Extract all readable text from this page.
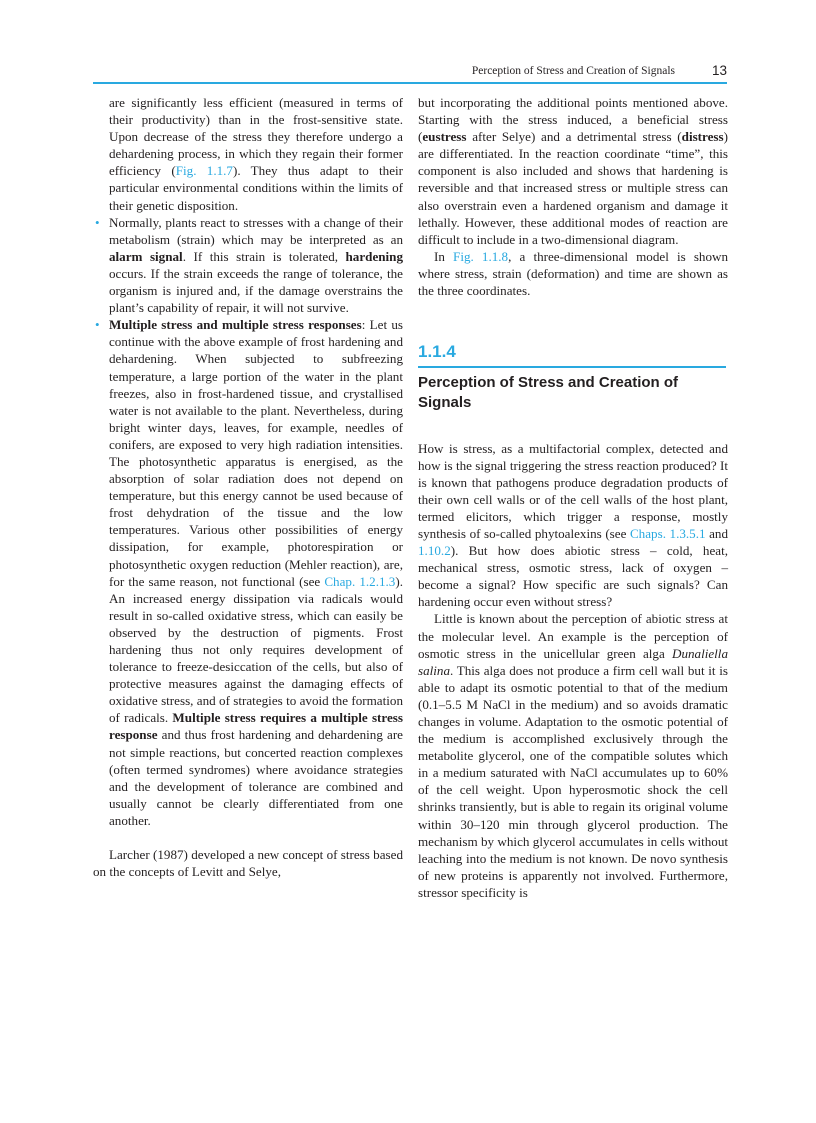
Perception of Stress and Creation of Signals	13

are significantly less efficient (measured in terms of their productivity) than in the frost-sensitive state. Upon decrease of the stress they therefore undergo a dehardening process, in which they regain their former efficiency (Fig. 1.1.7). They thus adapt to their particular environmental conditions within the limits of their genetic disposition.

• Normally, plants react to stresses with a change of their metabolism (strain) which may be interpreted as an alarm signal. If this strain is tolerated, hardening occurs. If the strain exceeds the range of tolerance, the organism is injured and, if the damage overstrains the plant’s capability of repair, it will not survive.
• Multiple stress and multiple stress responses: Let us continue with the above example of frost hardening and dehardening. When subjected to subfreezing temperature, a large portion of the water in the plant freezes, also in frost-hardened tissue, and crystallised water is not available to the plant. Nevertheless, during bright winter days, leaves, for example, needles of conifers, are exposed to very high radiation intensities. The photosynthetic apparatus is energised, as the absorption of solar radiation does not depend on temperature, but this energy cannot be used because of frost dehydration of the tissue and the low temperatures. Various other possibilities of energy dissipation, for example, photorespiration or photosynthetic oxygen reduction (Mehler reaction), are, for the same reason, not functional (see Chap. 1.2.1.3). An increased energy dissipation via radicals would result in so-called oxidative stress, which can easily be observed by the destruction of pigments. Frost hardening thus not only requires development of tolerance to freeze-desiccation of the cells, but also of protective measures against the damaging effects of oxidative stress, and of strategies to avoid the formation of radicals. Multiple stress requires a multiple stress response and thus frost hardening and dehardening are not simple reactions, but concerted reaction complexes (often termed syndromes) where avoidance strategies and the development of tolerance are combined and usually cannot be clearly differentiated from one another.

Larcher (1987) developed a new concept of stress based on the concepts of Levitt and Selye,

but incorporating the additional points mentioned above. Starting with the stress induced, a beneficial stress (eustress after Selye) and a detrimental stress (distress) are differentiated. In the reaction coordinate “time”, this component is also included and shows that hardening is reversible and that increased stress or multiple stress can also overstrain even a hardened organism and damage it lethally. However, these additional modes of reaction are difficult to include in a two-dimensional diagram.

In Fig. 1.1.8, a three-dimensional model is shown where stress, strain (deformation) and time are shown as the three coordinates.

1.1.4
Perception of Stress and Creation of Signals

How is stress, as a multifactorial complex, detected and how is the signal triggering the stress reaction produced? It is known that pathogens produce degradation products of their own cell walls or of the cell walls of the host plant, termed elicitors, which trigger a response, mostly synthesis of so-called phytoalexins (see Chaps. 1.3.5.1 and 1.10.2). But how does abiotic stress – cold, heat, mechanical stress, osmotic stress, lack of oxygen – become a signal? How specific are such signals? Can hardening occur even without stress?

Little is known about the perception of abiotic stress at the molecular level. An example is the perception of osmotic stress in the unicellular green alga Dunaliella salina. This alga does not produce a firm cell wall but it is able to adapt its osmotic potential to that of the medium (0.1–5.5 M NaCl in the medium) and so avoids dramatic changes in volume. Adaptation to the osmotic potential of the medium is accomplished exclusively through the metabolite glycerol, one of the compatible solutes which in a medium saturated with NaCl accumulates up to 60% of the cell weight. Upon hyperosmotic shock the cell shrinks transiently, but is able to regain its original volume within 30–120 min through glycerol production. The mechanism by which glycerol accumulates in cells without leaching into the medium is not known. De novo synthesis of new proteins is apparently not involved. Furthermore, stressor specificity is
